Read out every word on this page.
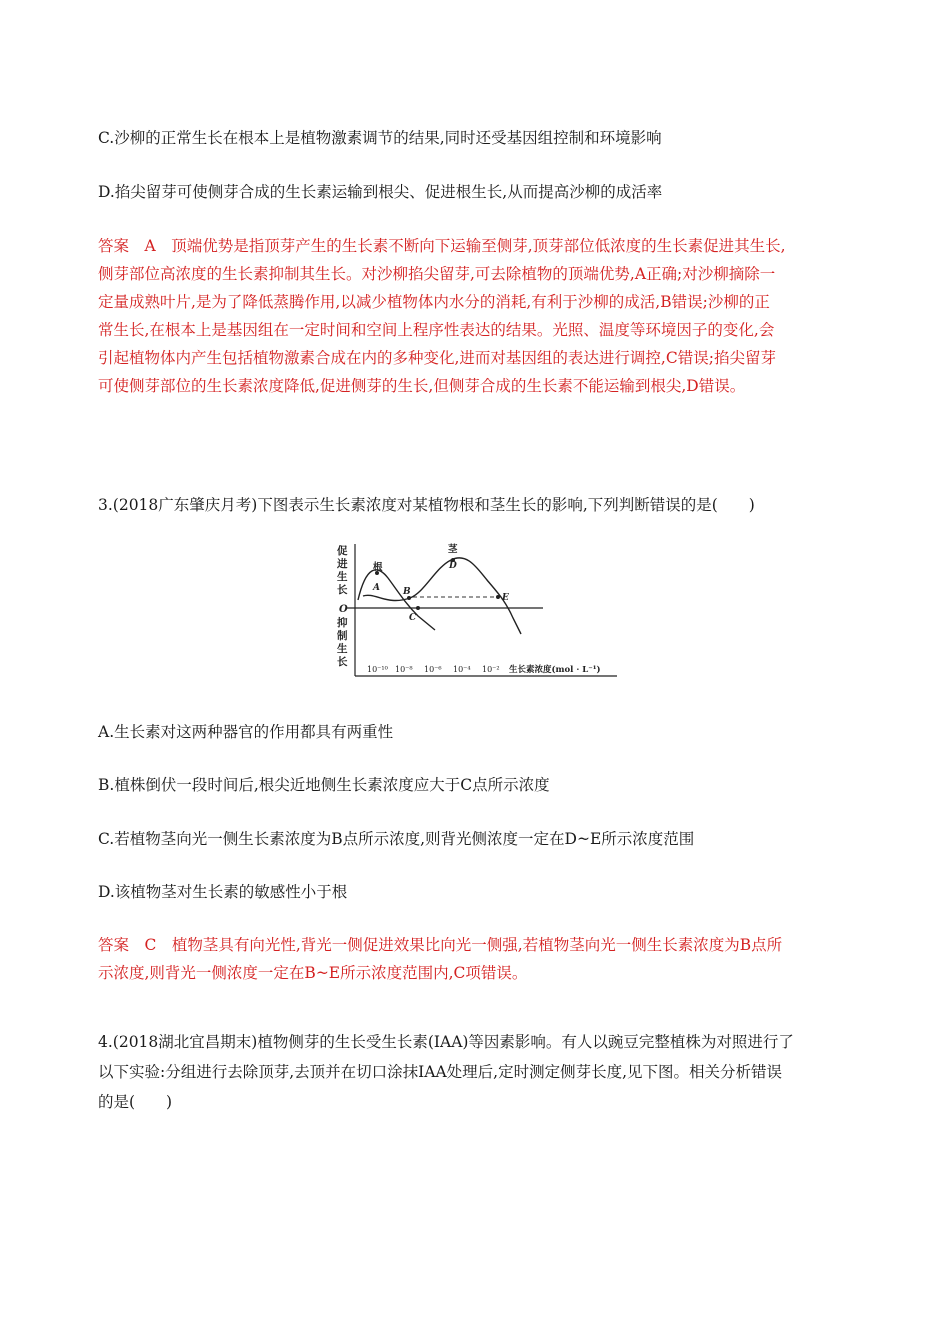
C.沙柳的正常生长在根本上是植物激素调节的结果,同时还受基因组控制和环境影响
D.掐尖留芽可使侧芽合成的生长素运输到根尖、促进根生长,从而提高沙柳的成活率
答案　A　顶端优势是指顶芽产生的生长素不断向下运输至侧芽,顶芽部位低浓度的生长素促进其生长,
侧芽部位高浓度的生长素抑制其生长。对沙柳掐尖留芽,可去除植物的顶端优势,A正确;对沙柳摘除一
定量成熟叶片,是为了降低蒸腾作用,以减少植物体内水分的消耗,有利于沙柳的成活,B错误;沙柳的正
常生长,在根本上是基因组在一定时间和空间上程序性表达的结果。光照、温度等环境因子的变化,会
引起植物体内产生包括植物激素合成在内的多种变化,进而对基因组的表达进行调控,C错误;掐尖留芽
可使侧芽部位的生长素浓度降低,促进侧芽的生长,但侧芽合成的生长素不能运输到根尖,D错误。
3.(2018广东肇庆月考)下图表示生长素浓度对某植物根和茎生长的影响,下列判断错误的是(　　)
促
进
生
长
O
抑
制
生
长
根
茎
A	B
C
D
E
10⁻¹⁰ 10⁻⁸ 10⁻⁶ 10⁻⁴ 10⁻² 生长素浓度(mol · L⁻¹)
A.生长素对这两种器官的作用都具有两重性
B.植株倒伏一段时间后,根尖近地侧生长素浓度应大于C点所示浓度
C.若植物茎向光一侧生长素浓度为B点所示浓度,则背光侧浓度一定在D~E所示浓度范围
D.该植物茎对生长素的敏感性小于根
答案　C　植物茎具有向光性,背光一侧促进效果比向光一侧强,若植物茎向光一侧生长素浓度为B点所
示浓度,则背光一侧浓度一定在B~E所示浓度范围内,C项错误。
4.(2018湖北宜昌期末)植物侧芽的生长受生长素(IAA)等因素影响。有人以豌豆完整植株为对照进行了
以下实验:分组进行去除顶芽,去顶并在切口涂抹IAA处理后,定时测定侧芽长度,见下图。相关分析错误
的是(　　)
